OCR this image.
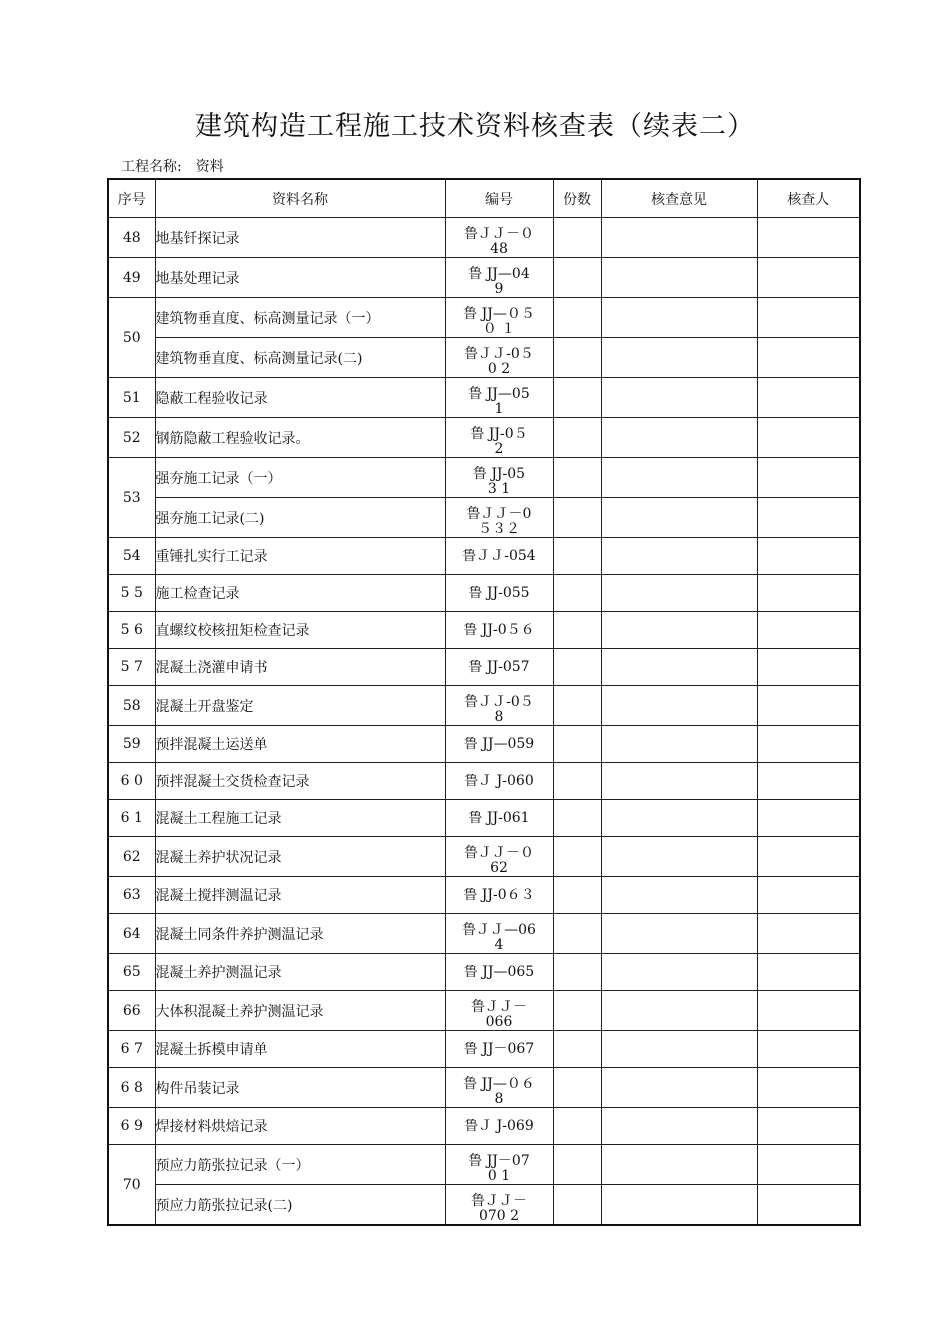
建筑构造工程施工技术资料核查表（续表二）
工程名称: 资料
序号	资料名称	编号	份数	核查意见	核查人
48	地基钎探记录	鲁ＪＪ－０
48			

49	地基处理记录	鲁 JJ—04
9			

50	建筑物垂直度、标高测量记录（一）	鲁 JJ—０５
０ １			

	建筑物垂直度、标高测量记录(二)	鲁ＪＪ-0５
0 2			

51	隐蔽工程验收记录	鲁 JJ—05
1			

52	钢筋隐蔽工程验收记录。	鲁 JJ-0５
2			

53	强夯施工记录（一）	鲁 JJ-05
3 1			

	强夯施工记录(二)	鲁ＪＪ－0
５３２			

54	重锤扎实行工记录	鲁ＪＪ-054			

5 5	施工检查记录	鲁 JJ-055			

5 6	直螺纹校核扭矩检查记录	鲁 JJ-0５６			

5 7	混凝土浇灌申请书	鲁 JJ-057			

58	混凝土开盘鉴定	鲁ＪＪ-0５
8			

59	预拌混凝土运送单	鲁 JJ—059			

6 0	预拌混凝土交货检查记录	鲁Ｊ J-060			

6 1	混凝土工程施工记录	鲁 JJ-061			

62	混凝土养护状况记录	鲁ＪＪ－０
62			

63	混凝土搅拌测温记录	鲁 JJ-0６３			

64	混凝土同条件养护测温记录	鲁ＪＪ—06
4			

65	混凝土养护测温记录	鲁 JJ—065			

66	大体积混凝土养护测温记录	鲁ＪＪ－
066			

6 7	混凝土拆模申请单	鲁 JJ－067			

6 8	构件吊装记录	鲁 JJ—０６
8			

6 9	焊接材料烘焙记录	鲁Ｊ J-069			

70	预应力筋张拉记录（一）	鲁 JJ－07
0 1			

	预应力筋张拉记录(二)	鲁ＪＪ－
070 2			
